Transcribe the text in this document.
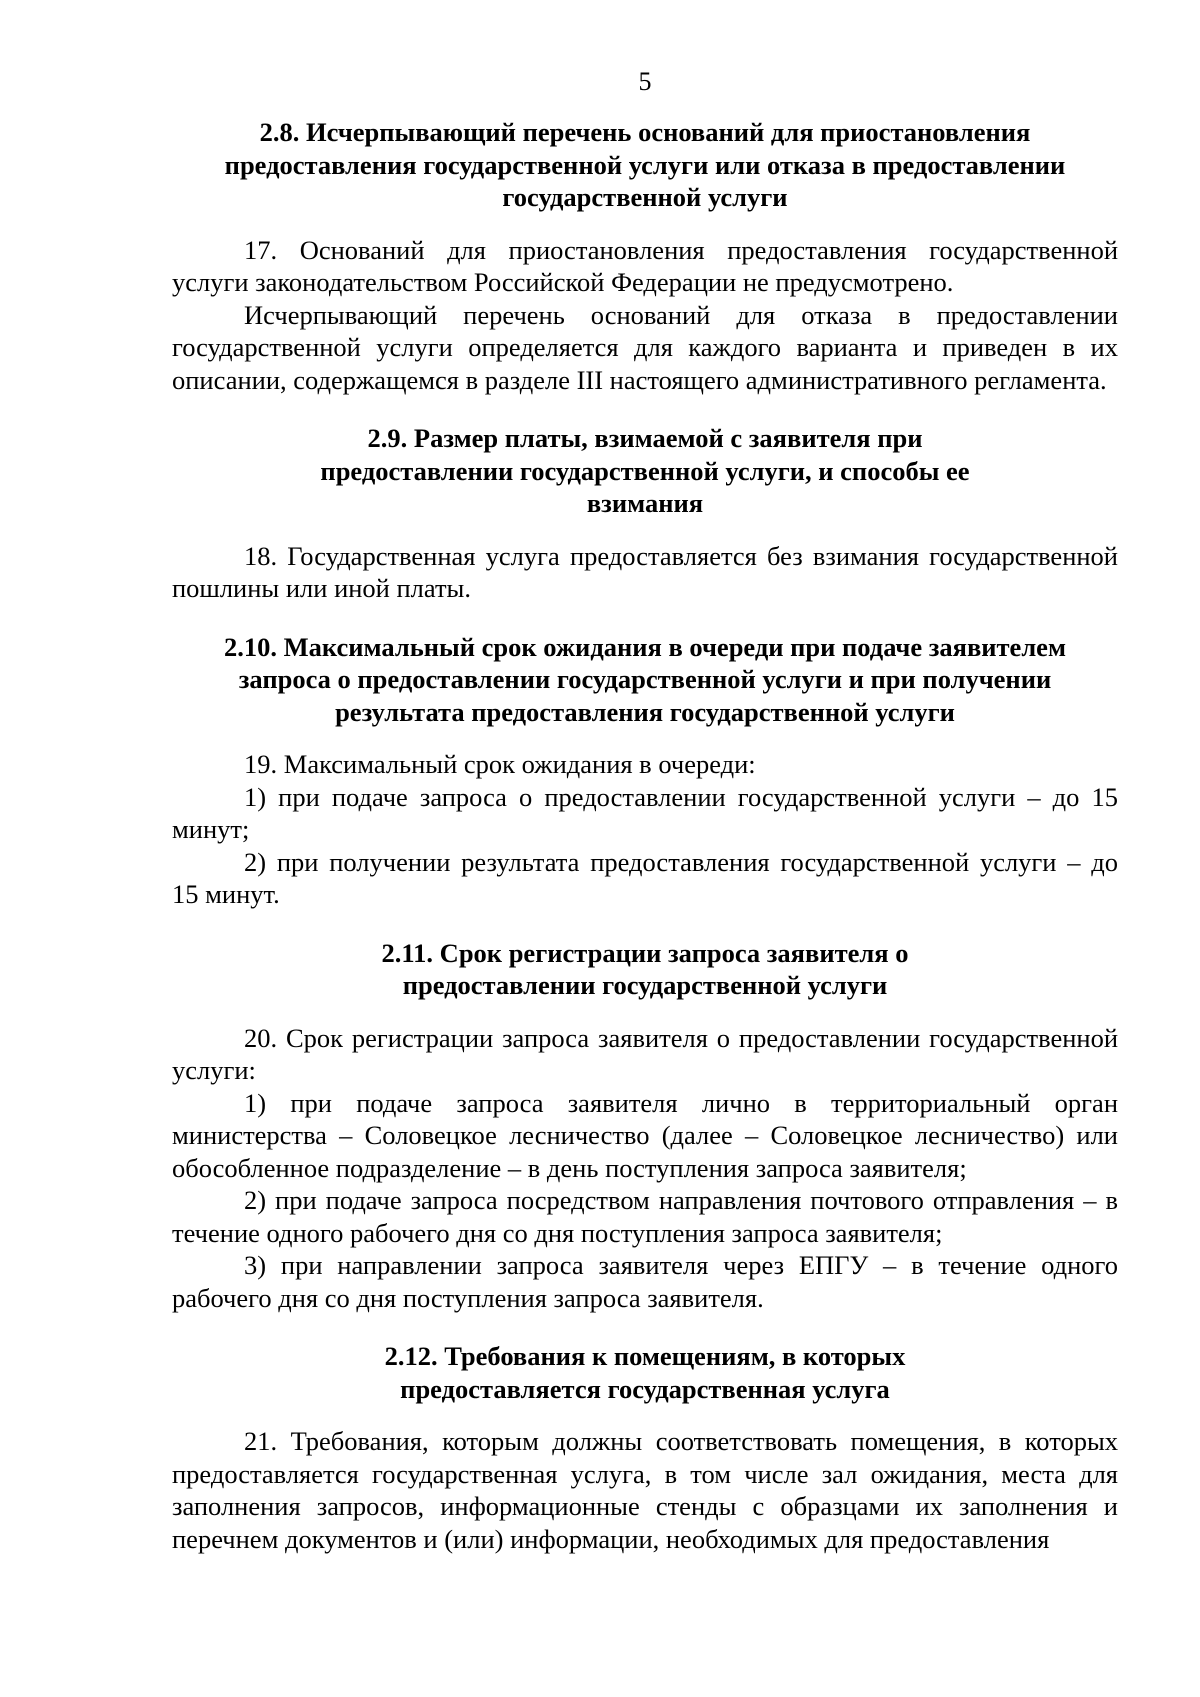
5
2.8. Исчерпывающий перечень оснований для приостановления предоставления государственной услуги или отказа в предоставлении государственной услуги

17. Оснований для приостановления предоставления государственной услуги законодательством Российской Федерации не предусмотрено.

Исчерпывающий перечень оснований для отказа в предоставлении государственной услуги определяется для каждого варианта и приведен в их описании, содержащемся в разделе III настоящего административного регламента.

2.9. Размер платы, взимаемой с заявителя при предоставлении государственной услуги, и способы ее взимания

18. Государственная услуга предоставляется без взимания государственной пошлины или иной платы.

2.10. Максимальный срок ожидания в очереди при подаче заявителем запроса о предоставлении государственной услуги и при получении результата предоставления государственной услуги

19. Максимальный срок ожидания в очереди:

1) при подаче запроса о предоставлении государственной услуги – до 15 минут;

2) при получении результата предоставления государственной услуги – до 15 минут.

2.11. Срок регистрации запроса заявителя о предоставлении государственной услуги

20. Срок регистрации запроса заявителя о предоставлении государственной услуги:

1) при подаче запроса заявителя лично в территориальный орган министерства – Соловецкое лесничество (далее – Соловецкое лесничество) или обособленное подразделение – в день поступления запроса заявителя;

2) при подаче запроса посредством направления почтового отправления – в течение одного рабочего дня со дня поступления запроса заявителя;

3) при направлении запроса заявителя через ЕПГУ – в течение одного рабочего дня со дня поступления запроса заявителя.

2.12. Требования к помещениям, в которых предоставляется государственная услуга

21. Требования, которым должны соответствовать помещения, в которых предоставляется государственная услуга, в том числе зал ожидания, места для заполнения запросов, информационные стенды с образцами их заполнения и перечнем документов и (или) информации, необходимых для предоставления
